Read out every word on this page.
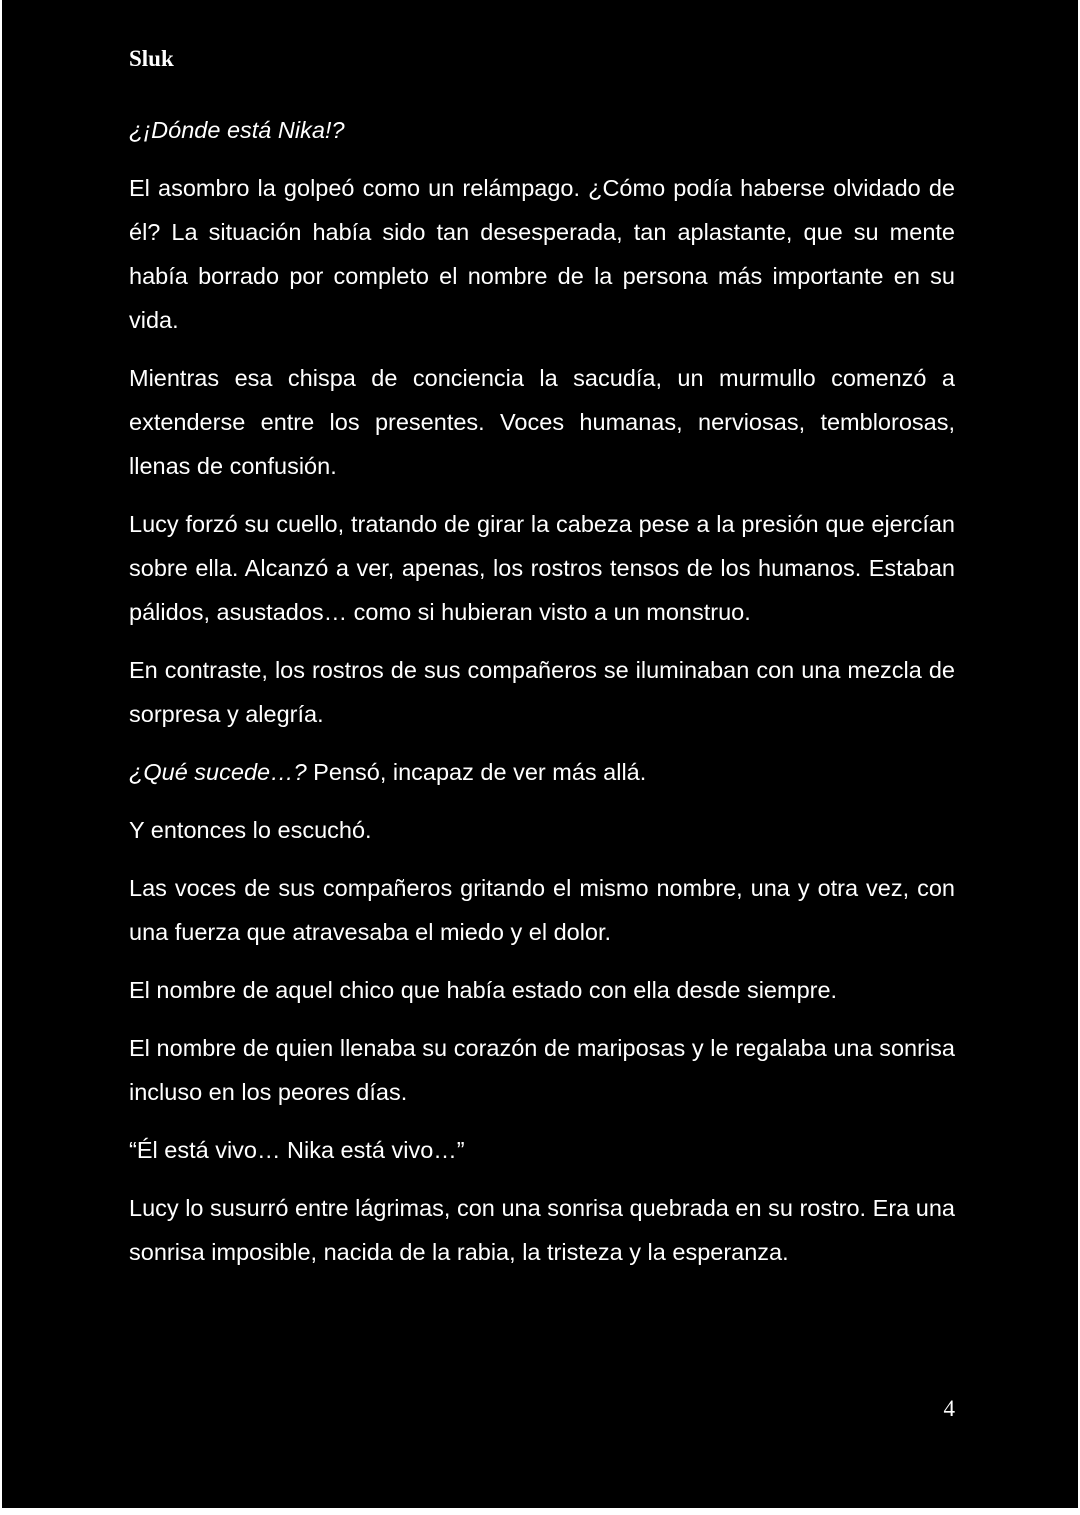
Sluk

¿¡Dónde está Nika!?

El asombro la golpeó como un relámpago. ¿Cómo podía haberse olvidado de él? La situación había sido tan desesperada, tan aplastante, que su mente había borrado por completo el nombre de la persona más importante en su vida.

Mientras esa chispa de conciencia la sacudía, un murmullo comenzó a extenderse entre los presentes. Voces humanas, nerviosas, temblorosas, llenas de confusión.

Lucy forzó su cuello, tratando de girar la cabeza pese a la presión que ejercían sobre ella. Alcanzó a ver, apenas, los rostros tensos de los humanos. Estaban pálidos, asustados… como si hubieran visto a un monstruo.

En contraste, los rostros de sus compañeros se iluminaban con una mezcla de sorpresa y alegría.

¿Qué sucede…? Pensó, incapaz de ver más allá.

Y entonces lo escuchó.

Las voces de sus compañeros gritando el mismo nombre, una y otra vez, con una fuerza que atravesaba el miedo y el dolor.

El nombre de aquel chico que había estado con ella desde siempre.

El nombre de quien llenaba su corazón de mariposas y le regalaba una sonrisa incluso en los peores días.

“Él está vivo… Nika está vivo…”

Lucy lo susurró entre lágrimas, con una sonrisa quebrada en su rostro. Era una sonrisa imposible, nacida de la rabia, la tristeza y la esperanza.

4
